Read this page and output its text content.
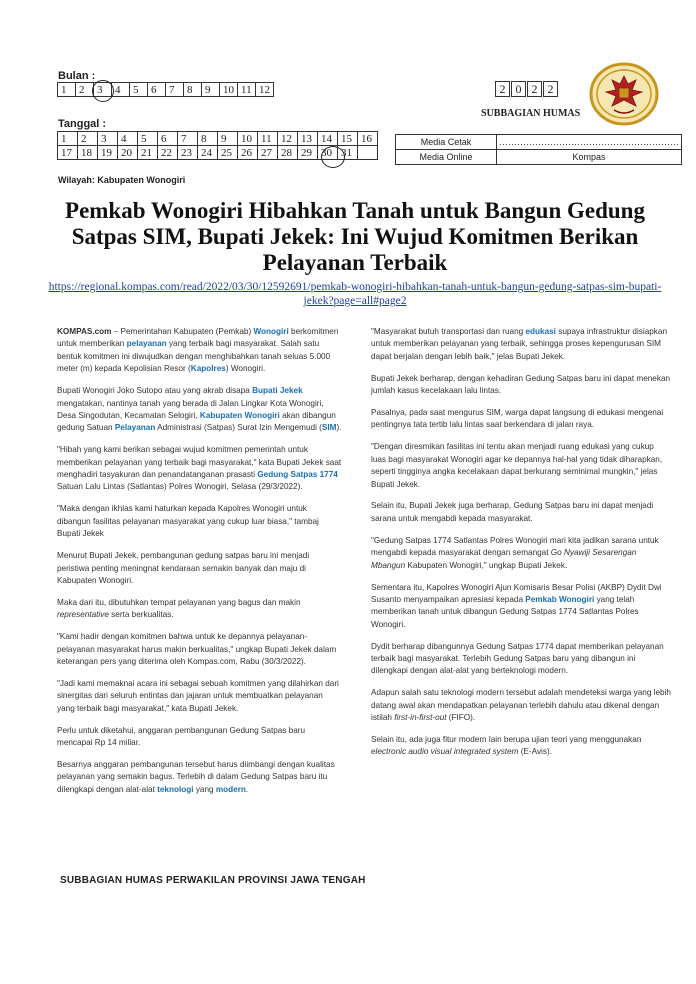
Bulan :
1	2	3	4	5	6	7	8	9	10	11	12	2 0 2 2
SUBBAGIAN HUMAS
Tanggal :
1	2	3	4	5	6	7	8	9	10	11	12	13	14	15	16
17	18	19	20	21	22	23	24	25	26	27	28	29	30	31	
Media Cetak	……………………………………………………
Media Online	Kompas
Wilayah: Kabupaten Wonogiri
Pemkab Wonogiri Hibahkan Tanah untuk Bangun Gedung Satpas SIM, Bupati Jekek: Ini Wujud Komitmen Berikan Pelayanan Terbaik
https://regional.kompas.com/read/2022/03/30/12592691/pemkab-wonogiri-hibahkan-tanah-untuk-bangun-gedung-satpas-sim-bupati-jekek?page=all#page2

KOMPAS.com – Pemerintahan Kabupaten (Pemkab) Wonogiri berkomitmen untuk memberikan pelayanan yang terbaik bagi masyarakat. Salah satu bentuk komitmen ini diwujudkan dengan menghibahkan tanah seluas 5.000 meter (m) kepada Kepolisian Resor (Kapolres) Wonogiri.

Bupati Wonogiri Joko Sutopo atau yang akrab disapa Bupati Jekek mengatakan, nantinya tanah yang berada di Jalan Lingkar Kota Wonogiri, Desa Singodutan, Kecamatan Selogiri, Kabupaten Wonogiri akan dibangun gedung Satuan Pelayanan Administrasi (Satpas) Surat Izin Mengemudi (SIM).

"Hibah yang kami berikan sebagai wujud komitmen pemerintah untuk memberikan pelayanan yang terbaik bagi masyarakat," kata Bupati Jekek saat menghadiri tasyakuran dan penandatanganan prasasti Gedung Satpas 1774 Satuan Lalu Lintas (Satlantas) Polres Wonogiri, Selasa (29/3/2022).

"Maka dengan ikhlas kami haturkan kepada Kapolres Wonogiri untuk dibangun fasilitas pelayanan masyarakat yang cukup luar biasa," tambaj Bupati Jekek

Menurut Bupati Jekek, pembangunan gedung satpas baru ini menjadi peristiwa penting meningnat kendaraan semakin banyak dan maju di Kabupaten Wonogiri.

Maka dari itu, dibutuhkan tempat pelayanan yang bagus dan makin representative serta berkualitas.

"Kami hadir dengan komitmen bahwa untuk ke depannya pelayanan-pelayanan masyarakat harus makin berkualitas," ungkap Bupati Jekek dalam keterangan pers yang diterima oleh Kompas.com, Rabu (30/3/2022).

"Jadi kami memaknai acara ini sebagai sebuah komitmen yang dilahirkan dari sinergitas dari seluruh entintas dan jajaran untuk membuatkan pelayanan yang terbaik bagi masyarakat," kata Bupati Jekek.

Perlu untuk diketahui, anggaran pembangunan Gedung Satpas baru mencapai Rp 14 miliar.

Besarnya anggaran pembangunan tersebut harus diimbangi dengan kualitas pelayanan yang semakin bagus. Terlebih di dalam Gedung Satpas baru itu dilengkapi dengan alat-alat teknologi yang modern.

"Masyarakat butuh transportasi dan ruang edukasi supaya infrastruktur disiapkan untuk memberikan pelayanan yang terbaik, sehingga proses kepengurusan SIM dapat berjalan dengan lebih baik," jelas Bupati Jekek.

Bupati Jekek berharap, dengan kehadiran Gedung Satpas baru ini dapat menekan jumlah kasus kecelakaan lalu lintas.

Pasalnya, pada saat mengurus SIM, warga dapat langsung di edukasi mengenai pentingnya tata tertib lalu lintas saat berkendara di jalan raya.

"Dengan diresmikan fasilitas ini tentu akan menjadi ruang edukasi yang cukup luas bagi masyarakat Wonogiri agar ke depannya hal-hal yang tidak diharapkan, seperti tingginya angka kecelakaan dapat berkurang seminimal mungkin," jelas Bupati Jekek.

Selain itu, Bupati Jekek juga berharap, Gedung Satpas baru ini dapat menjadi sarana untuk mengabdi kepada masyarakat.

"Gedung Satpas 1774 Satlantas Polres Wonogiri mari kita jadikan sarana untuk mengabdi kepada masyarakat dengan semangat Go Nyawiji Sesarengan Mbangun Kabupaten Wonogiri," ungkap Bupati Jekek.

Sementara itu, Kapolres Wonogiri Ajun Komisaris Besar Polisi (AKBP) Dydit Dwi Susanto menyampaikan apresiasi kepada Pemkab Wonogiri yang telah memberikan tanah untuk dibangun Gedung Satpas 1774 Satlantas Polres Wonogiri.

Dydit berharap dibangunnya Gedung Satpas 1774 dapat memberikan pelayanan terbaik bagi masyarakat. Terlebih Gedung Satpas baru yang dibangun ini dilengkapi dengan alat-alat yang berteknologi modern.

Adapun salah satu teknologi modern tersebut adalah mendeteksi warga yang lebih datang awal akan mendapatkan pelayanan terlebih dahulu atau dikenal dengan istilah first-in-first-out (FIFO).

Selain itu, ada juga fitur modern lain berupa ujian teori yang menggunakan electronic audio visual integrated system (E-Avis).

SUBBAGIAN HUMAS PERWAKILAN PROVINSI JAWA TENGAH
